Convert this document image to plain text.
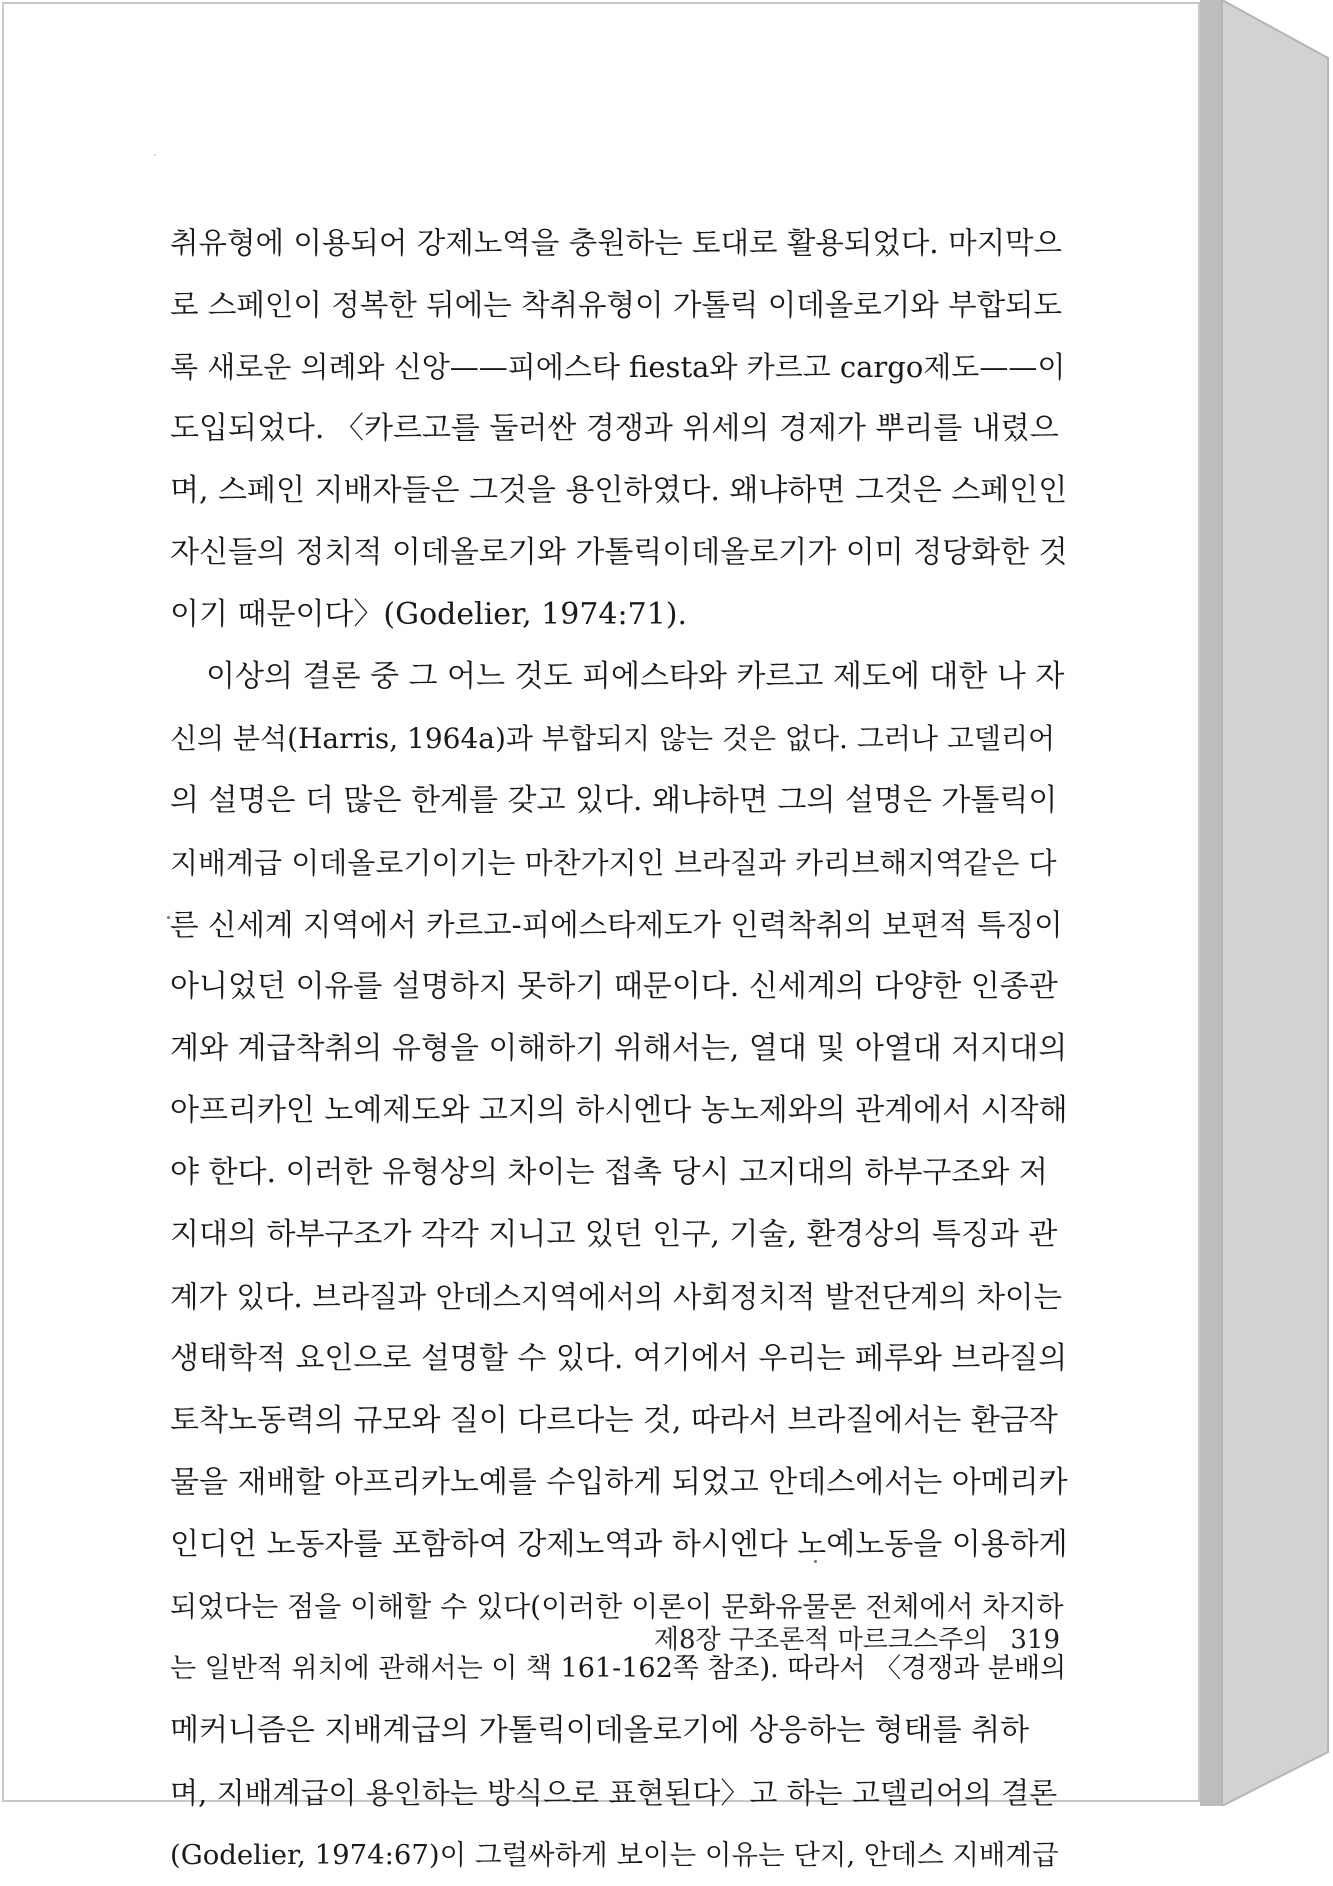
취유형에 이용되어 강제노역을 충원하는 토대로 활용되었다. 마지막으
로 스페인이 정복한 뒤에는 착취유형이 가톨릭 이데올로기와 부합되도
록 새로운 의례와 신앙——피에스타 fiesta와 카르고 cargo제도——이
도입되었다. 〈카르고를 둘러싼 경쟁과 위세의 경제가 뿌리를 내렸으
며, 스페인 지배자들은 그것을 용인하였다. 왜냐하면 그것은 스페인인
자신들의 정치적 이데올로기와 가톨릭이데올로기가 이미 정당화한 것
이기 때문이다〉(Godelier, 1974:71).
이상의 결론 중 그 어느 것도 피에스타와 카르고 제도에 대한 나 자
신의 분석(Harris, 1964a)과 부합되지 않는 것은 없다. 그러나 고델리어
의 설명은 더 많은 한계를 갖고 있다. 왜냐하면 그의 설명은 가톨릭이
지배계급 이데올로기이기는 마찬가지인 브라질과 카리브해지역같은 다
른 신세계 지역에서 카르고-피에스타제도가 인력착취의 보편적 특징이
아니었던 이유를 설명하지 못하기 때문이다. 신세계의 다양한 인종관
계와 계급착취의 유형을 이해하기 위해서는, 열대 및 아열대 저지대의
아프리카인 노예제도와 고지의 하시엔다 농노제와의 관계에서 시작해
야 한다. 이러한 유형상의 차이는 접촉 당시 고지대의 하부구조와 저
지대의 하부구조가 각각 지니고 있던 인구, 기술, 환경상의 특징과 관
계가 있다. 브라질과 안데스지역에서의 사회정치적 발전단계의 차이는
생태학적 요인으로 설명할 수 있다. 여기에서 우리는 페루와 브라질의
토착노동력의 규모와 질이 다르다는 것, 따라서 브라질에서는 환금작
물을 재배할 아프리카노예를 수입하게 되었고 안데스에서는 아메리카
인디언 노동자를 포함하여 강제노역과 하시엔다 노예노동을 이용하게
되었다는 점을 이해할 수 있다(이러한 이론이 문화유물론 전체에서 차지하
는 일반적 위치에 관해서는 이 책 161-162쪽 참조). 따라서 〈경쟁과 분배의
메커니즘은 지배계급의 가톨릭이데올로기에 상응하는 형태를 취하
며, 지배계급이 용인하는 방식으로 표현된다〉고 하는 고델리어의 결론
(Godelier, 1974:67)이 그럴싸하게 보이는 이유는 단지, 안데스 지배계급
제8장 구조론적 마르크스주의 319
